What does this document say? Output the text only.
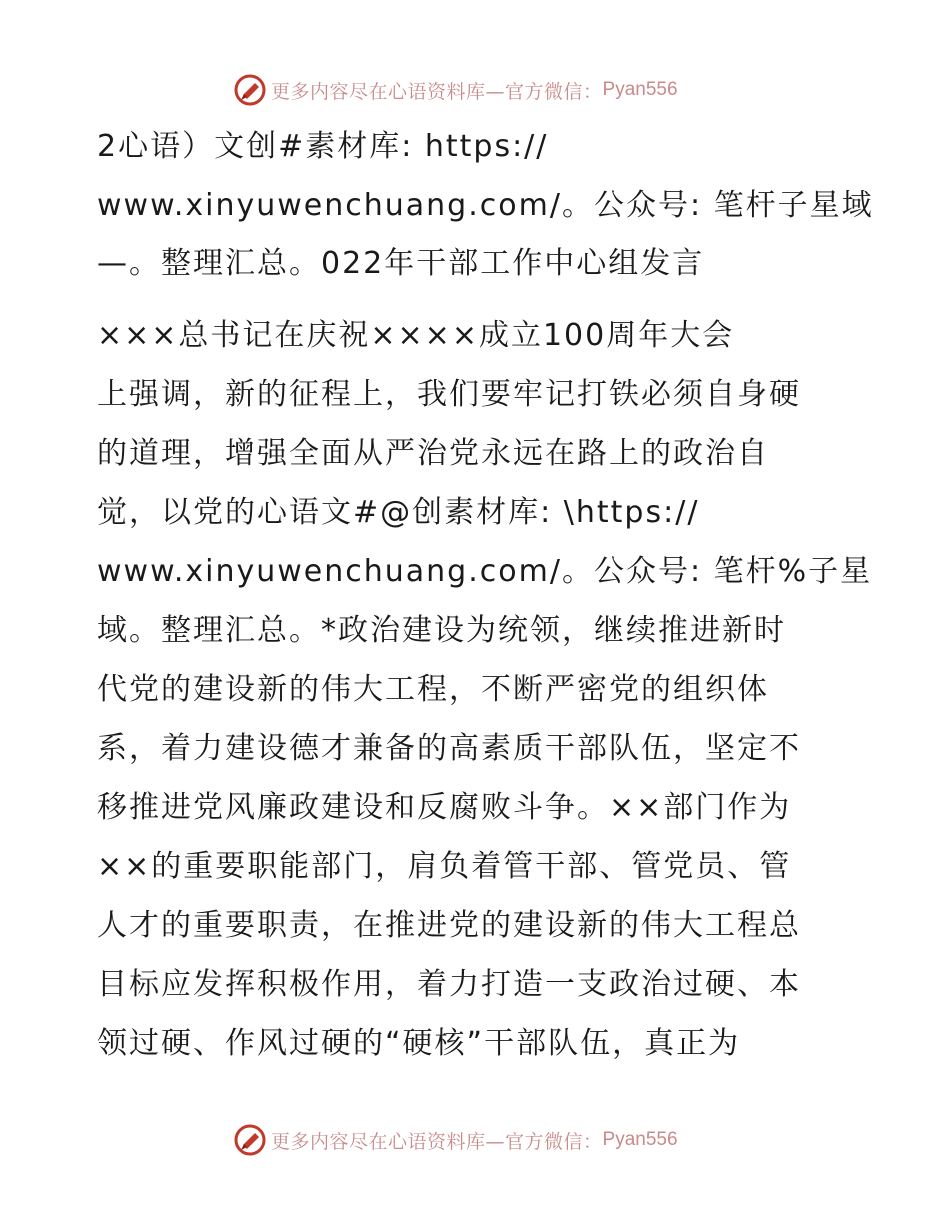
更多内容尽在心语资料库—官方微信： Pyan556
2心语）文创#素材库: https://
www.xinyuwenchuang.com/。公众号: 笔杆子星域
—。整理汇总。022年干部工作中心组发言
×××总书记在庆祝××××成立100周年大会
上强调，新的征程上，我们要牢记打铁必须自身硬
的道理，增强全面从严治党永远在路上的政治自
觉，以党的心语文#@创素材库: \https://
www.xinyuwenchuang.com/。公众号: 笔杆%子星
域。整理汇总。*政治建设为统领，继续推进新时
代党的建设新的伟大工程，不断严密党的组织体
系，着力建设德才兼备的高素质干部队伍，坚定不
移推进党风廉政建设和反腐败斗争。××部门作为
××的重要职能部门，肩负着管干部、管党员、管
人才的重要职责，在推进党的建设新的伟大工程总
目标应发挥积极作用，着力打造一支政治过硬、本
领过硬、作风过硬的“硬核”干部队伍，真正为
更多内容尽在心语资料库—官方微信： Pyan556
